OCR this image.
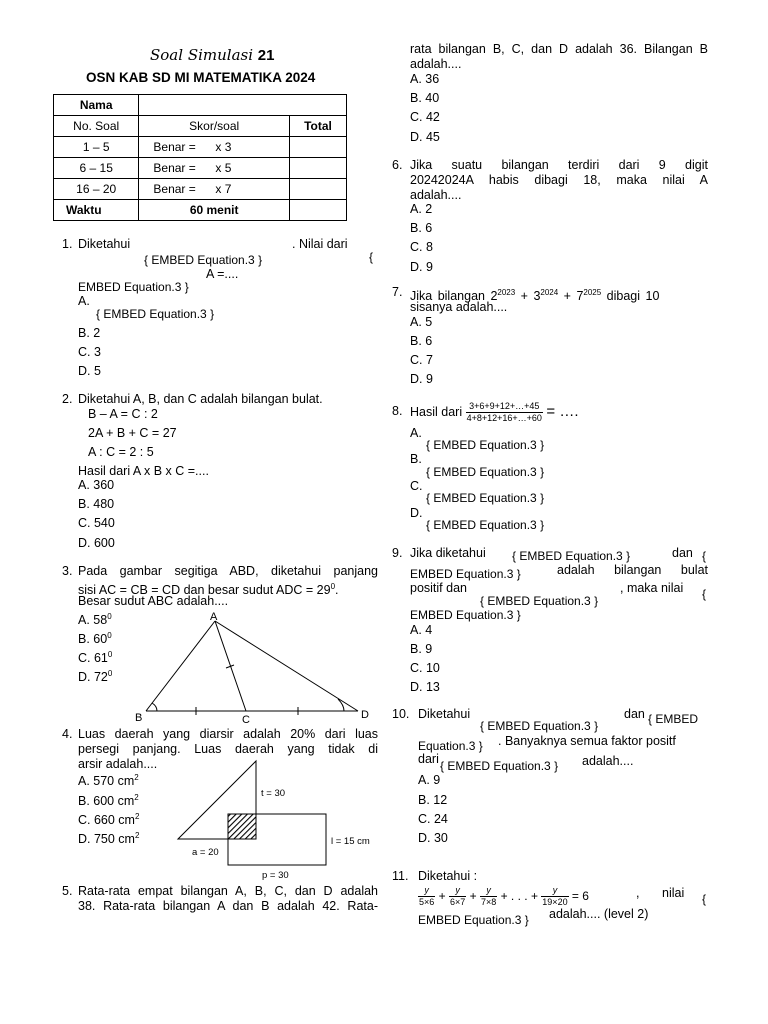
Soal Simulasi 21
OSN KAB SD MI MATEMATIKA 2024
Nama		
No. Soal	Skor/soal	Total
1 – 5	Benar = x 3	
6 – 15	Benar = x 5	
16 – 20	Benar = x 7	
Waktu	60 menit	
1. Diketahui	. Nilai dari
{ EMBED Equation.3 }	{
A =....
EMBED Equation.3 }
A.
{ EMBED Equation.3 }
B. 2
C. 3
D. 5
2. Diketahui A, B, dan C adalah bilangan bulat.
B – A = C : 2
2A + B + C = 27
A : C = 2 : 5
Hasil dari A x B x C =....
A. 360
B. 480
C. 540
D. 600
3. Pada gambar segitiga ABD, diketahui panjang
sisi AC = CB = CD dan besar sudut ADC = $29^0$.
Besar sudut ABC adalah....
A. $58^0$
B. $60^0$
C. $61^0$
D. $72^0$
A
B	C	D
4. Luas daerah yang diarsir adalah 20% dari luas
persegi panjang. Luas daerah yang tidak di
arsir adalah....
A. 570 $cm^2$
B. 600 $cm^2$
C. 660 $cm^2$
D. 750 $cm^2$
t = 30
l = 15 cm
a = 20
p = 30
5. Rata-rata empat bilangan A, B, C, dan D adalah
38. Rata-rata bilangan A dan B adalah 42. Rata-
rata bilangan B, C, dan D adalah 36. Bilangan B
adalah....
A. 36
B. 40
C. 42
D. 45
6. Jika suatu bilangan terdiri dari 9 digit
20242024A habis dibagi 18, maka nilai A
adalah....
A. 2
B. 6
C. 8
D. 9
7. Jika bilangan $2^{2023} + 3^{2024} + 7^{2025}$ dibagi 10
sisanya adalah....
A. 5
B. 6
C. 7
D. 9
8. Hasil dari $\frac{3+6+9+12+\dots+45}{4+8+12+16+\dots+60}$ = ….
A.
{ EMBED Equation.3 }
B.
{ EMBED Equation.3 }
C.
{ EMBED Equation.3 }
D.
{ EMBED Equation.3 }
9. Jika diketahui { EMBED Equation.3 }	dan {
EMBED Equation.3 }	adalah bilangan bulat
positif dan
{ EMBED Equation.3 }
, maka nilai {
EMBED Equation.3 }
A. 4
B. 9
C. 10
D. 13
10. Diketahui
{ EMBED Equation.3 }
dan { EMBED
Equation.3 } . Banyaknya semua faktor positf
dari { EMBED Equation.3 } adalah....
A. 9
B. 12
C. 24
D. 30
11. Diketahui :
$\frac{y}{5\times 6} + \frac{y}{6\times 7} + \frac{y}{7\times 8}$ + . . . + $\frac{y}{19\times 20} = 6$	, nilai {
EMBED Equation.3 } adalah.... (level 2)
